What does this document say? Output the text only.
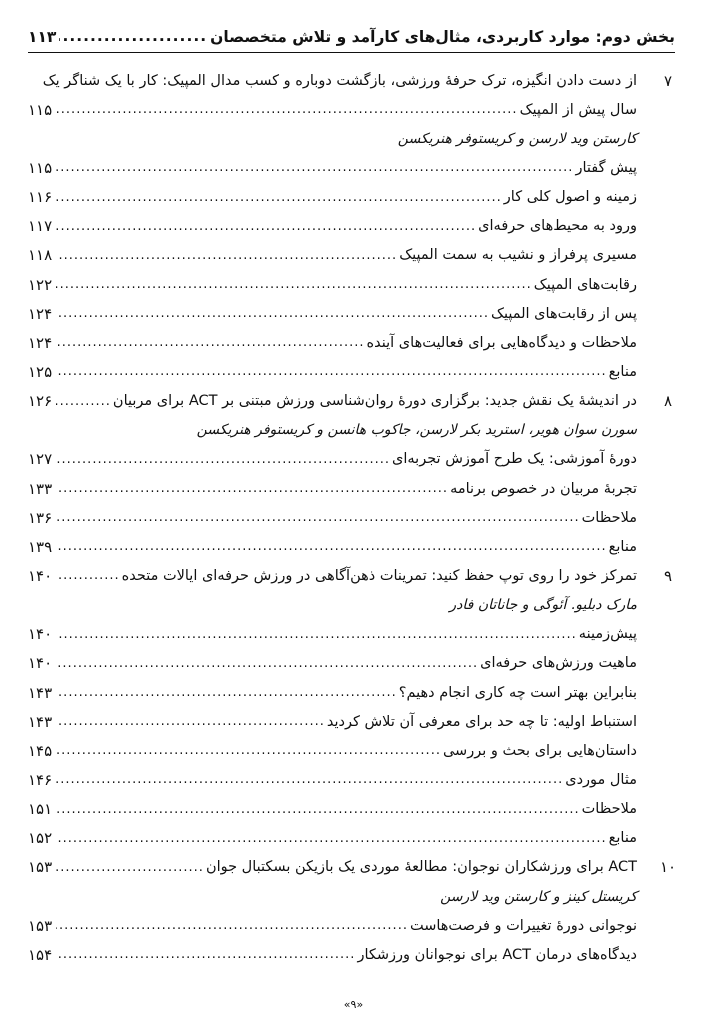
بخش دوم: موارد کاربردی، مثال‌های کارآمد و تلاش متخصصان
.....
۱۱۳
۷
از دست دادن انگیزه، ترک حرفهٔ ورزشی، بازگشت دوباره و کسب مدال المپیک: کار با یک شناگر یک
سال پیش از المپیک
.....
۱۱۵
کارستن وید لارسن و کریستوفر هنریکسن
پیش گفتار
.....
۱۱۵
زمینه و اصول کلی کار
.....
۱۱۶
ورود به محیط‌های حرفه‌ای
.....
۱۱۷
مسیری پرفراز و نشیب به سمت المپیک
.....
۱۱۸
رقابت‌های المپیک
.....
۱۲۲
پس از رقابت‌های المپیک
.....
۱۲۴
ملاحظات و دیدگاه‌هایی برای فعالیت‌های آینده
.....
۱۲۴
منابع
.....
۱۲۵
۸
در اندیشهٔ یک نقش جدید: برگزاری دورهٔ روان‌شناسی ورزش مبتنی بر ACT برای مربیان
.....
۱۲۶
سورن سوان هویر، استرید بکر لارسن، جاکوب هانسن و کریستوفر هنریکسن
دورهٔ آموزشی: یک طرح آموزش تجربه‌ای
.....
۱۲۷
تجربهٔ مربیان در خصوص برنامه
.....
۱۳۳
ملاحظات
.....
۱۳۶
منابع
.....
۱۳۹
۹
تمرکز خود را روی توپ حفظ کنید: تمرینات ذهن‌آگاهی در ورزش حرفه‌ای ایالات متحده
.....
۱۴۰
مارک دبلیو. آئوگی و جاناتان فادر
پیش‌زمینه
.....
۱۴۰
ماهیت ورزش‌های حرفه‌ای
.....
۱۴۰
بنابراین بهتر است چه کاری انجام دهیم؟
.....
۱۴۳
استنباط اولیه: تا چه حد برای معرفی آن تلاش کردید
.....
۱۴۳
داستان‌هایی برای بحث و بررسی
.....
۱۴۵
مثال موردی
.....
۱۴۶
ملاحظات
.....
۱۵۱
منابع
.....
۱۵۲
۱۰
ACT برای ورزشکاران نوجوان: مطالعهٔ موردی یک بازیکن بسکتبال جوان
.....
۱۵۳
کریستل کینز و کارستن وید لارسن
نوجوانی دورهٔ تغییرات و فرصت‌هاست
.....
۱۵۳
دیدگاه‌های درمان ACT برای نوجوانان ورزشکار
.....
۱۵۴
«۹»
